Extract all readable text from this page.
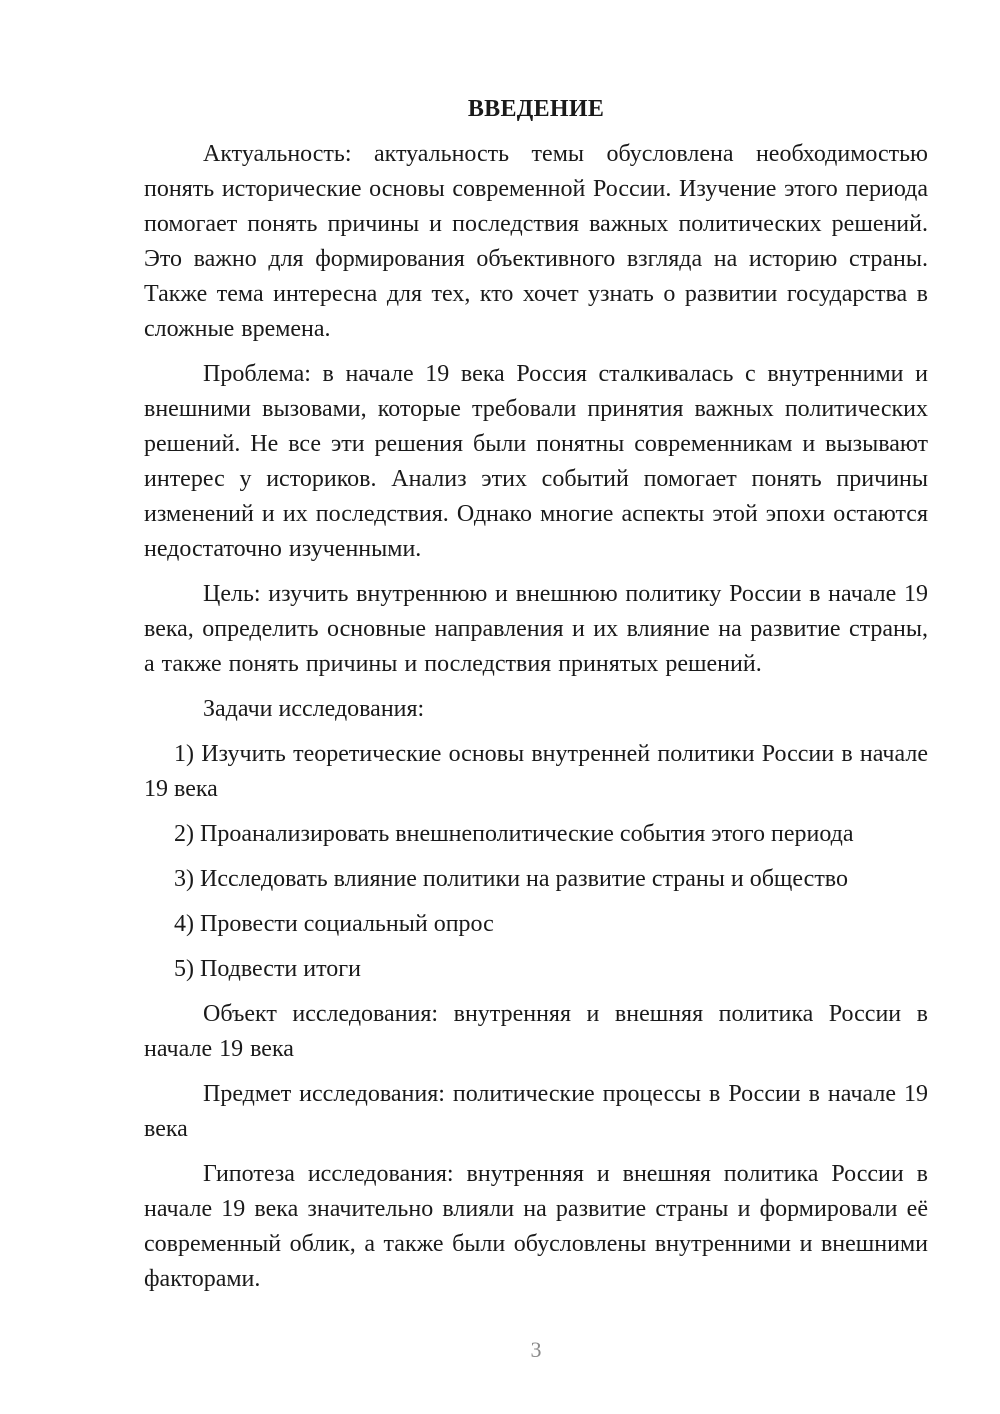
ВВЕДЕНИЕ

Актуальность: актуальность темы обусловлена необходимостью понять исторические основы современной России. Изучение этого периода помогает понять причины и последствия важных политических решений. Это важно для формирования объективного взгляда на историю страны. Также тема интересна для тех, кто хочет узнать о развитии государства в сложные времена.

Проблема: в начале 19 века Россия сталкивалась с внутренними и внешними вызовами, которые требовали принятия важных политических решений. Не все эти решения были понятны современникам и вызывают интерес у историков. Анализ этих событий помогает понять причины изменений и их последствия. Однако многие аспекты этой эпохи остаются недостаточно изученными.

Цель: изучить внутреннюю и внешнюю политику России в начале 19 века, определить основные направления и их влияние на развитие страны, а также понять причины и последствия принятых решений.

Задачи исследования:

1) Изучить теоретические основы внутренней политики России в начале 19 века

2) Проанализировать внешнеполитические события этого периода

3) Исследовать влияние политики на развитие страны и общество

4) Провести социальный опрос

5) Подвести итоги

Объект исследования: внутренняя и внешняя политика России в начале 19 века

Предмет исследования: политические процессы в России в начале 19 века

Гипотеза исследования: внутренняя и внешняя политика России в начале 19 века значительно влияли на развитие страны и формировали её современный облик, а также были обусловлены внутренними и внешними факторами.

3
